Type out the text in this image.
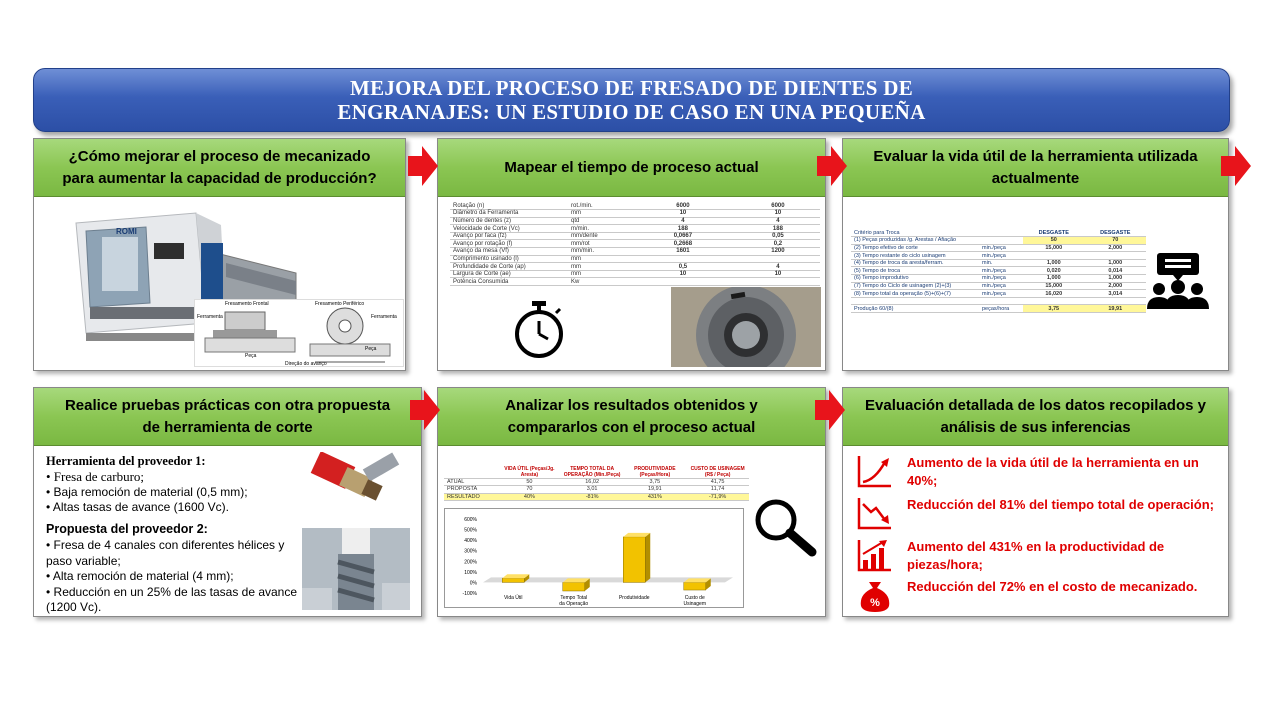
MEJORA DEL PROCESO DE FRESADO DE DIENTES DE
ENGRANAJES: UN ESTUDIO DE CASO EN UNA PEQUEÑA
¿Cómo mejorar el proceso de mecanizado para aumentar la capacidad de producción?
ROMI
Fresamento Frontal	Fresamento Periférico
Ferramenta	Ferramenta
Peça
Peça
Direção do avanço
Mapear el tiempo de proceso actual
Rotação (n)	rot./min.	6000	6000
Diâmetro da Ferramenta	mm	10	10
Número de dentes (z)	qtd	4	4
Velocidade de Corte (Vc)	m/min.	188	188
Avanço por faca (fz)	mm/dente	0,0667	0,05
Avanço por rotação (f)	mm/rot	0,2668	0,2
Avanço da mesa (Vf)	mm/min.	1601	1200
Comprimento usinado (l)	mm		
Profundidade de Corte (ap)	mm	0,5	4
Largura de Corte (ae)	mm	10	10
Potência Consumida	Kw		
Evaluar la vida útil de la herramienta utilizada actualmente
Critério para Troca		DESGASTE	DESGASTE
(1) Peças produzidas /g. Arestas / Afiação		50	70
(2) Tempo efetivo de corte	min./peça	15,000	2,000
(3) Tempo restante do ciclo usinagem	min./peça		
(4) Tempo de troca da aresta/ferram.	min.	1,000	1,000
(5) Tempo de troca	min./peça	0,020	0,014
(6) Tempo improdutivo	min./peça	1,000	1,000
(7) Tempo do Ciclo de usinagem (2)+(3)	min./peça	15,000	2,000
(8) Tempo total da operação (5)+(6)+(7)	min./peça	16,020	3,014

Produção 60/(8)	peças/hora	3,75	19,91
Realice pruebas prácticas con otra propuesta de herramienta de corte
Herramienta del proveedor 1:
• Fresa de carburo;
• Baja remoción de material (0,5 mm);
• Altas tasas de avance (1600 Vc).
Propuesta del proveedor 2:
• Fresa de 4 canales con diferentes hélices y paso variable;
• Alta remoción de material (4 mm);
• Reducción en un 25% de las tasas de avance (1200 Vc).
Analizar los resultados obtenidos y compararlos con el proceso actual
	VIDA ÚTIL (Peças/Jg. Aresta)	TEMPO TOTAL DA OPERAÇÃO (Min./Peça)	PRODUTIVIDADE (Peças/Hora)	CUSTO DE USINAGEM (R$ / Peça)
ATUAL	50	16,02	3,75	41,75
PROPOSTA	70	3,01	19,91	11,74
RESULTADO	40%	-81%	431%	-71,9%
600%
500%
400%
300%
200%
100%
0%
-100%
Vida Útil	Tempo Total
da Operação
Produtividade	Custo de
Usinagem
Evaluación detallada de los datos recopilados y análisis de sus inferencias
Aumento de la vida útil de la herramienta en un 40%;
Reducción del 81% del tiempo total de operación;
Aumento del 431% en la productividad de piezas/hora;
%
Reducción del 72% en el costo de mecanizado.
